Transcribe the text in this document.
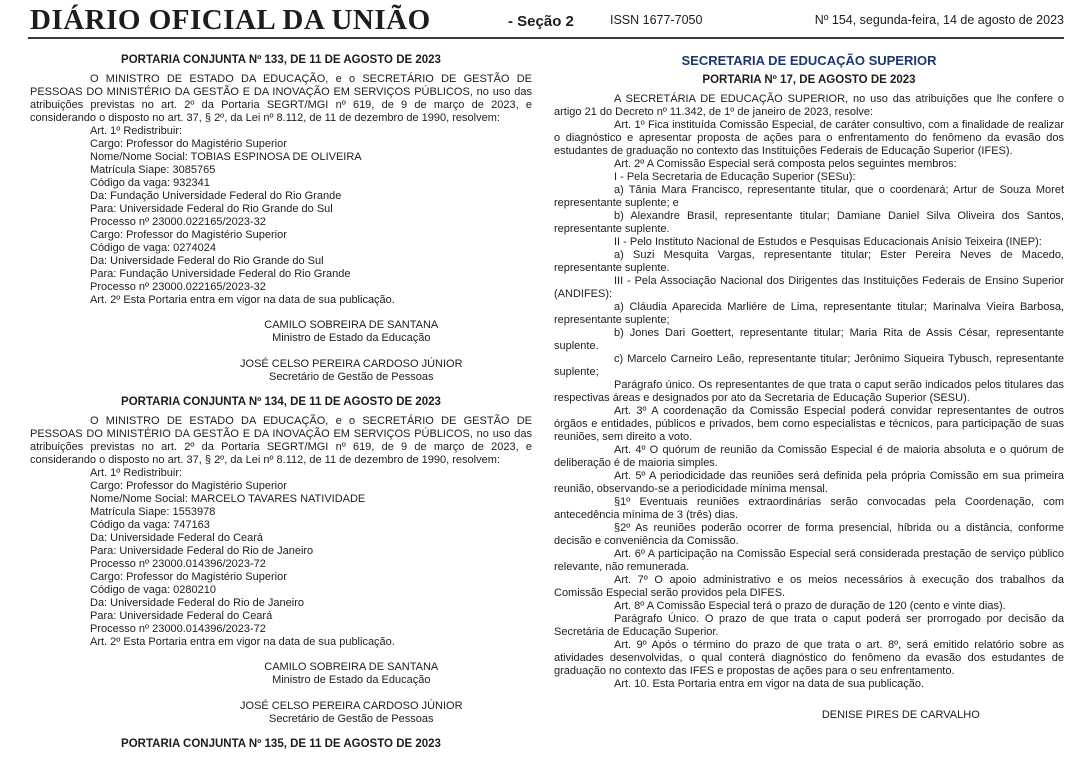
DIÁRIO OFICIAL DA UNIÃO	- Seção 2	ISSN 1677-7050	Nº 154, segunda-feira, 14 de agosto de 2023
PORTARIA CONJUNTA Nº 133, DE 11 DE AGOSTO DE 2023

O MINISTRO DE ESTADO DA EDUCAÇÃO, e o SECRETÁRIO DE GESTÃO DE PESSOAS DO MINISTÉRIO DA GESTÃO E DA INOVAÇÃO EM SERVIÇOS PÚBLICOS, no uso das atribuições previstas no art. 2º da Portaria SEGRT/MGI nº 619, de 9 de março de 2023, e considerando o disposto no art. 37, § 2º, da Lei nº 8.112, de 11 de dezembro de 1990, resolvem:

Art. 1º Redistribuir:
Cargo: Professor do Magistério Superior
Nome/Nome Social: TOBIAS ESPINOSA DE OLIVEIRA
Matrícula Siape: 3085765
Código da vaga: 932341
Da: Fundação Universidade Federal do Rio Grande
Para: Universidade Federal do Rio Grande do Sul
Processo nº 23000.022165/2023-32
Cargo: Professor do Magistério Superior
Código de vaga: 0274024
Da: Universidade Federal do Rio Grande do Sul
Para: Fundação Universidade Federal do Rio Grande
Processo nº 23000.022165/2023-32
Art. 2º Esta Portaria entra em vigor na data de sua publicação.
CAMILO SOBREIRA DE SANTANA
Ministro de Estado da Educação
JOSÉ CELSO PEREIRA CARDOSO JÚNIOR
Secretário de Gestão de Pessoas
PORTARIA CONJUNTA Nº 134, DE 11 DE AGOSTO DE 2023

O MINISTRO DE ESTADO DA EDUCAÇÃO, e o SECRETÁRIO DE GESTÃO DE PESSOAS DO MINISTÉRIO DA GESTÃO E DA INOVAÇÃO EM SERVIÇOS PÚBLICOS, no uso das atribuições previstas no art. 2º da Portaria SEGRT/MGI nº 619, de 9 de março de 2023, e considerando o disposto no art. 37, § 2º, da Lei nº 8.112, de 11 de dezembro de 1990, resolvem:

Art. 1º Redistribuir:
Cargo: Professor do Magistério Superior
Nome/Nome Social: MARCELO TAVARES NATIVIDADE
Matrícula Siape: 1553978
Código da vaga: 747163
Da: Universidade Federal do Ceará
Para: Universidade Federal do Rio de Janeiro
Processo nº 23000.014396/2023-72
Cargo: Professor do Magistério Superior
Código de vaga: 0280210
Da: Universidade Federal do Rio de Janeiro
Para: Universidade Federal do Ceará
Processo nº 23000.014396/2023-72
Art. 2º Esta Portaria entra em vigor na data de sua publicação.
CAMILO SOBREIRA DE SANTANA
Ministro de Estado da Educação
JOSÉ CELSO PEREIRA CARDOSO JÚNIOR
Secretário de Gestão de Pessoas
PORTARIA CONJUNTA Nº 135, DE 11 DE AGOSTO DE 2023
SECRETARIA DE EDUCAÇÃO SUPERIOR
PORTARIA Nº 17, DE AGOSTO DE 2023

A SECRETÁRIA DE EDUCAÇÃO SUPERIOR, no uso das atribuições que lhe confere o artigo 21 do Decreto nº 11.342, de 1º de janeiro de 2023, resolve:

Art. 1º Fica instituída Comissão Especial, de caráter consultivo, com a finalidade de realizar o diagnóstico e apresentar proposta de ações para o enfrentamento do fenômeno da evasão dos estudantes de graduação no contexto das Instituições Federais de Educação Superior (IFES).

Art. 2º A Comissão Especial será composta pelos seguintes membros:

I - Pela Secretaria de Educação Superior (SESu):

a) Tânia Mara Francisco, representante titular, que o coordenará; Artur de Souza Moret representante suplente; e

b) Alexandre Brasil, representante titular; Damiane Daniel Silva Oliveira dos Santos, representante suplente.

II - Pelo Instituto Nacional de Estudos e Pesquisas Educacionais Anísio Teixeira (INEP):

a) Suzi Mesquita Vargas, representante titular; Ester Pereira Neves de Macedo, representante suplente.

III - Pela Associação Nacional dos Dirigentes das Instituições Federais de Ensino Superior (ANDIFES):

a) Cláudia Aparecida Marliére de Lima, representante titular; Marinalva Vieira Barbosa, representante suplente;

b) Jones Dari Goettert, representante titular; Maria Rita de Assis César, representante suplente.

c) Marcelo Carneiro Leão, representante titular; Jerônimo Siqueira Tybusch, representante suplente;

Parágrafo único. Os representantes de que trata o caput serão indicados pelos titulares das respectivas áreas e designados por ato da Secretaria de Educação Superior (SESU).

Art. 3º A coordenação da Comissão Especial poderá convidar representantes de outros órgãos e entidades, públicos e privados, bem como especialistas e técnicos, para participação de suas reuniões, sem direito a voto.

Art. 4º O quórum de reunião da Comissão Especial é de maioria absoluta e o quórum de deliberação é de maioria simples.

Art. 5º A periodicidade das reuniões será definida pela própria Comissão em sua primeira reunião, observando-se a periodicidade mínima mensal.

§1º Eventuais reuniões extraordinárias serão convocadas pela Coordenação, com antecedência mínima de 3 (três) dias.

§2º As reuniões poderão ocorrer de forma presencial, híbrida ou a distância, conforme decisão e conveniência da Comissão.

Art. 6º A participação na Comissão Especial será considerada prestação de serviço público relevante, não remunerada.

Art. 7º O apoio administrativo e os meios necessários à execução dos trabalhos da Comissão Especial serão providos pela DIFES.

Art. 8º A Comissão Especial terá o prazo de duração de 120 (cento e vinte dias).

Parágrafo Único. O prazo de que trata o caput poderá ser prorrogado por decisão da Secretária de Educação Superior.

Art. 9º Após o término do prazo de que trata o art. 8º, será emitido relatório sobre as atividades desenvolvidas, o qual conterá diagnóstico do fenômeno da evasão dos estudantes de graduação no contexto das IFES e propostas de ações para o seu enfrentamento.

Art. 10. Esta Portaria entra em vigor na data de sua publicação.

DENISE PIRES DE CARVALHO
